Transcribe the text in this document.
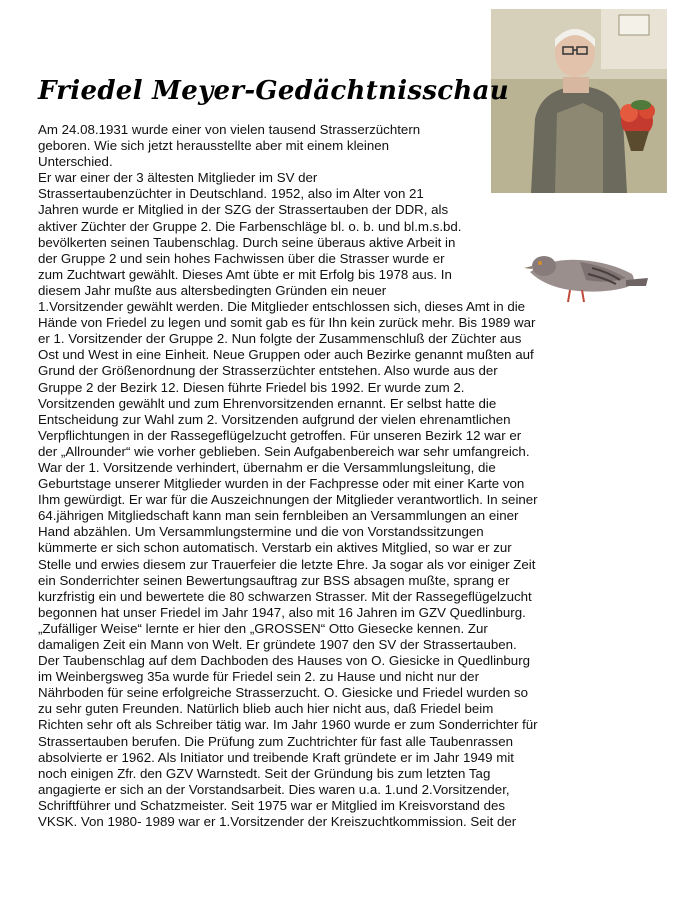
Friedel Meyer-Gedächtnisschau
Am 24.08.1931 wurde einer von vielen tausend Strasserzüchtern
geboren. Wie sich jetzt herausstellte aber mit einem kleinen
Unterschied.
Er war einer der 3 ältesten Mitglieder im SV der
Strassertaubenzüchter in Deutschland. 1952, also im Alter von 21
Jahren wurde er Mitglied in der SZG der Strassertauben der DDR, als
aktiver Züchter der Gruppe 2. Die Farbenschläge bl. o. b. und bl.m.s.bd.
bevölkerten seinen Taubenschlag. Durch seine überaus aktive Arbeit in
der Gruppe 2 und sein hohes Fachwissen über die Strasser wurde er
zum Zuchtwart gewählt. Dieses Amt übte er mit Erfolg bis 1978 aus. In
diesem Jahr mußte aus altersbedingten Gründen ein neuer
1.Vorsitzender gewählt werden. Die Mitglieder entschlossen sich, dieses Amt in die
Hände von Friedel zu legen und somit gab es für Ihn kein zurück mehr. Bis 1989 war
er 1. Vorsitzender der Gruppe 2. Nun folgte der Zusammenschluß der Züchter aus
Ost und West in eine Einheit. Neue Gruppen oder auch Bezirke genannt mußten auf
Grund der Größenordnung der Strasserzüchter entstehen. Also wurde aus der
Gruppe 2 der Bezirk 12. Diesen führte Friedel bis 1992. Er wurde zum 2.
Vorsitzenden gewählt und zum Ehrenvorsitzenden ernannt. Er selbst hatte die
Entscheidung zur Wahl zum 2. Vorsitzenden aufgrund der vielen ehrenamtlichen
Verpflichtungen in der Rassegeflügelzucht getroffen. Für unseren Bezirk 12 war er
der „Allrounder“ wie vorher geblieben. Sein Aufgabenbereich war sehr umfangreich.
War der 1. Vorsitzende verhindert, übernahm er die Versammlungsleitung, die
Geburtstage unserer Mitglieder wurden in der Fachpresse oder mit einer Karte von
Ihm gewürdigt. Er war für die Auszeichnungen der Mitglieder verantwortlich. In seiner
64.jährigen Mitgliedschaft kann man sein fernbleiben an Versammlungen an einer
Hand abzählen. Um Versammlungstermine und die von Vorstandssitzungen
kümmerte er sich schon automatisch. Verstarb ein aktives Mitglied, so war er zur
Stelle und erwies diesem zur Trauerfeier die letzte Ehre. Ja sogar als vor einiger Zeit
ein Sonderrichter seinen Bewertungsauftrag zur BSS absagen mußte, sprang er
kurzfristig ein und bewertete die 80 schwarzen Strasser. Mit der Rassegeflügelzucht
begonnen hat unser Friedel im Jahr 1947, also mit 16 Jahren im GZV Quedlinburg.
„Zufälliger Weise“ lernte er hier den „GROSSEN“ Otto Giesecke kennen. Zur
damaligen Zeit ein Mann von Welt. Er gründete 1907 den SV der Strassertauben.
Der Taubenschlag auf dem Dachboden des Hauses von O. Giesicke in Quedlinburg
im Weinbergsweg 35a wurde für Friedel sein 2. zu Hause und nicht nur der
Nährboden für seine erfolgreiche Strasserzucht. O. Giesicke und Friedel wurden so
zu sehr guten Freunden. Natürlich blieb auch hier nicht aus, daß Friedel beim
Richten sehr oft als Schreiber tätig war. Im Jahr 1960 wurde er zum Sonderrichter für
Strassertauben berufen. Die Prüfung zum Zuchtrichter für fast alle Taubenrassen
absolvierte er 1962. Als Initiator und treibende Kraft gründete er im Jahr 1949 mit
noch einigen Zfr. den GZV Warnstedt. Seit der Gründung bis zum letzten Tag
angagierte er sich an der Vorstandsarbeit. Dies waren u.a. 1.und 2.Vorsitzender,
Schriftführer und Schatzmeister. Seit 1975 war er Mitglied im Kreisvorstand des
VKSK. Von 1980- 1989 war er 1.Vorsitzender der Kreiszuchtkommission. Seit der
